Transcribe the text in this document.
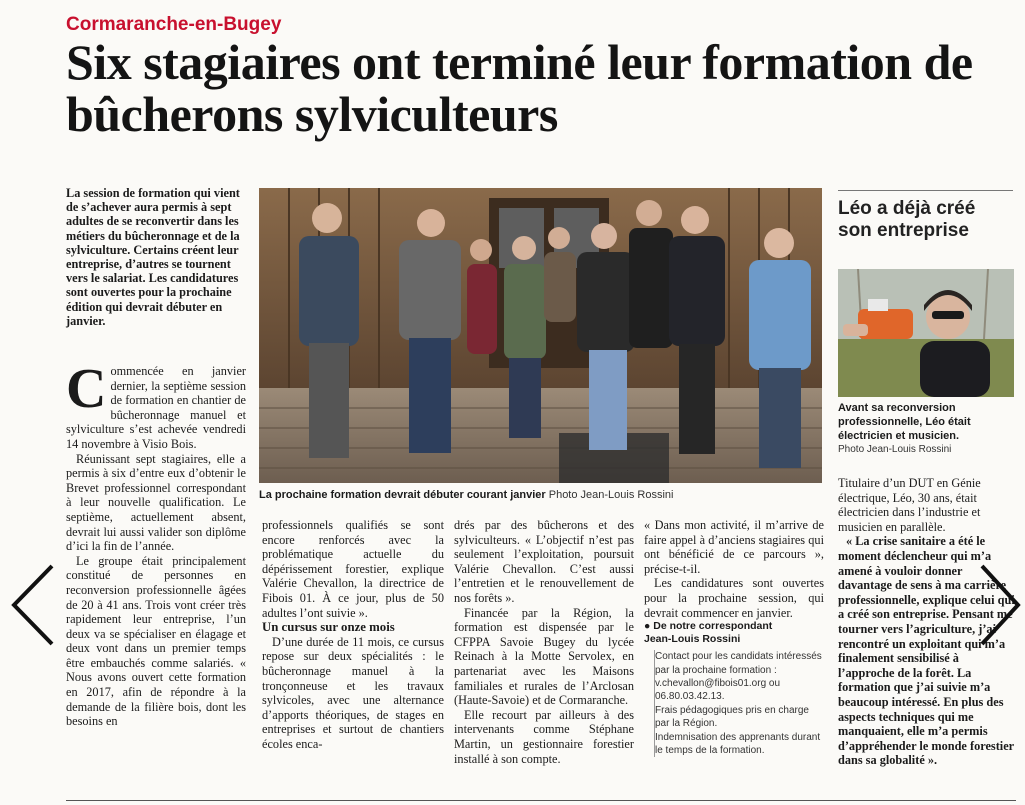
Cormaranche-en-Bugey
Six stagiaires ont terminé leur formation de bûcherons sylviculteurs

La session de formation qui vient de s’achever aura permis à sept adultes de se reconvertir dans les métiers du bûcheronnage et de la sylviculture. Certains créent leur entreprise, d’autres se tournent vers le salariat. Les candidatures sont ouvertes pour la prochaine édition qui devrait débuter en janvier.

Commencée en janvier dernier, la septième session de formation en chantier de bûcheronnage manuel et sylviculture s’est achevée vendredi 14 novembre à Visio Bois.

Réunissant sept stagiaires, elle a permis à six d’entre eux d’obtenir le Brevet professionnel correspondant à leur nouvelle qualification. Le septième, actuellement absent, devrait lui aussi valider son diplôme d’ici la fin de l’année.

Le groupe était principalement constitué de personnes en reconversion professionnelle âgées de 20 à 41 ans. Trois vont créer très rapidement leur entreprise, l’un deux va se spécialiser en élagage et deux vont dans un premier temps être embauchés comme salariés. « Nous avons ouvert cette formation en 2017, afin de répondre à la demande de la filière bois, dont les besoins en

La prochaine formation devrait débuter courant janvier Photo Jean-Louis Rossini

professionnels qualifiés se sont encore renforcés avec la problématique actuelle du dépérissement forestier, explique Valérie Chevallon, la directrice de Fibois 01. À ce jour, plus de 50 adultes l’ont suivie ».

Un cursus sur onze mois

D’une durée de 11 mois, ce cursus repose sur deux spécialités : le bûcheronnage manuel à la tronçonneuse et les travaux sylvicoles, avec une alternance d’apports théoriques, de stages en entreprises et surtout de chantiers écoles enca-

drés par des bûcherons et des sylviculteurs. « L’objectif n’est pas seulement l’exploitation, poursuit Valérie Chevallon. C’est aussi l’entretien et le renouvellement de nos forêts ».

Financée par la Région, la formation est dispensée par le CFPPA Savoie Bugey du lycée Reinach à la Motte Servolex, en partenariat avec les Maisons familiales et rurales de l’Arclosan (Haute-Savoie) et de Cormaranche.

Elle recourt par ailleurs à des intervenants comme Stéphane Martin, un gestionnaire forestier installé à son compte.

« Dans mon activité, il m’arrive de faire appel à d’anciens stagiaires qui ont bénéficié de ce parcours », précise-t-il.

Les candidatures sont ouvertes pour la prochaine session, qui devrait commencer en janvier.

● De notre correspondant
Jean-Louis Rossini

Contact pour les candidats intéressés par la prochaine formation : v.chevallon@fibois01.org ou 06.80.03.42.13.

Frais pédagogiques pris en charge par la Région.

Indemnisation des apprenants durant le temps de la formation.

Léo a déjà créé son entreprise
Avant sa reconversion professionnelle, Léo était électricien et musicien.
Photo Jean-Louis Rossini

Titulaire d’un DUT en Génie électrique, Léo, 30 ans, était électricien dans l’industrie et musicien en parallèle.

« La crise sanitaire a été le moment déclencheur qui m’a amené à vouloir donner davantage de sens à ma carrière professionnelle, explique celui qui a créé son entreprise. Pensant me tourner vers l’agriculture, j’ai rencontré un exploitant qui m’a finalement sensibilisé à l’approche de la forêt. La formation que j’ai suivie m’a beaucoup intéressé. En plus des aspects techniques qui me manquaient, elle m’a permis d’appréhender le monde forestier dans sa globalité ».
